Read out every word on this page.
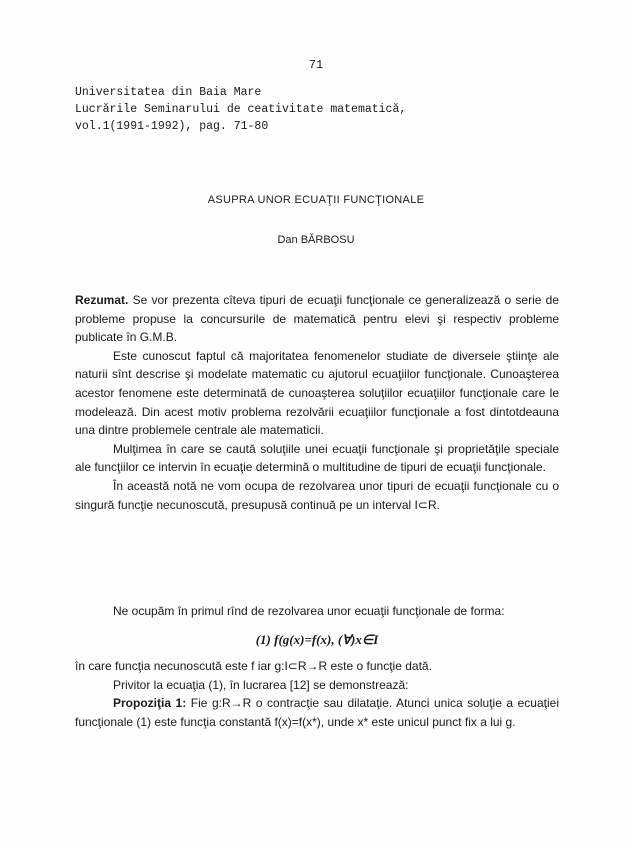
71
Universitatea din Baia Mare
Lucrările Seminarului de ceativitate matematică,
vol.1(1991-1992), pag. 71-80
ASUPRA UNOR ECUAŢII FUNCŢIONALE
Dan BĂRBOSU

Rezumat. Se vor prezenta cîteva tipuri de ecuaţii funcţionale ce generalizează o serie de probleme propuse la concursurile de matematică pentru elevi şi respectiv probleme publicate în G.M.B.

Este cunoscut faptul că majoritatea fenomenelor studiate de diversele ştiinţe ale naturii sînt descrise şi modelate matematic cu ajutorul ecuaţiilor funcţionale. Cunoaşterea acestor fenomene este determinată de cunoaşterea soluţiilor ecuaţiilor funcţionale care le modelează. Din acest motiv problema rezolvării ecuaţiilor funcţionale a fost dintotdeauna una dintre problemele centrale ale matematicii.

Mulţimea în care se caută soluţiile unei ecuaţii funcţionale şi proprietăţile speciale ale funcţiilor ce intervin în ecuaţie determină o multitudine de tipuri de ecuaţii funcţionale.

În această notă ne vom ocupa de rezolvarea unor tipuri de ecuaţii funcţionale cu o singură funcţie necunoscută, presupusă continuă pe un interval I⊂R.

Ne ocupăm în primul rînd de rezolvarea unor ecuaţii funcţionale de forma:

(1) f(g(x)=f(x), (∀)x∈I

în care funcţia necunoscută este f iar g:I⊂R→R este o funcţie dată.

Privitor la ecuaţia (1), în lucrarea [12] se demonstrează:

Propoziţia 1: Fie g:R→R o contracţie sau dilataţie. Atunci unica soluţie a ecuaţiei funcţionale (1) este funcţia constantă f(x)=f(x*), unde x* este unicul punct fix a lui g.
